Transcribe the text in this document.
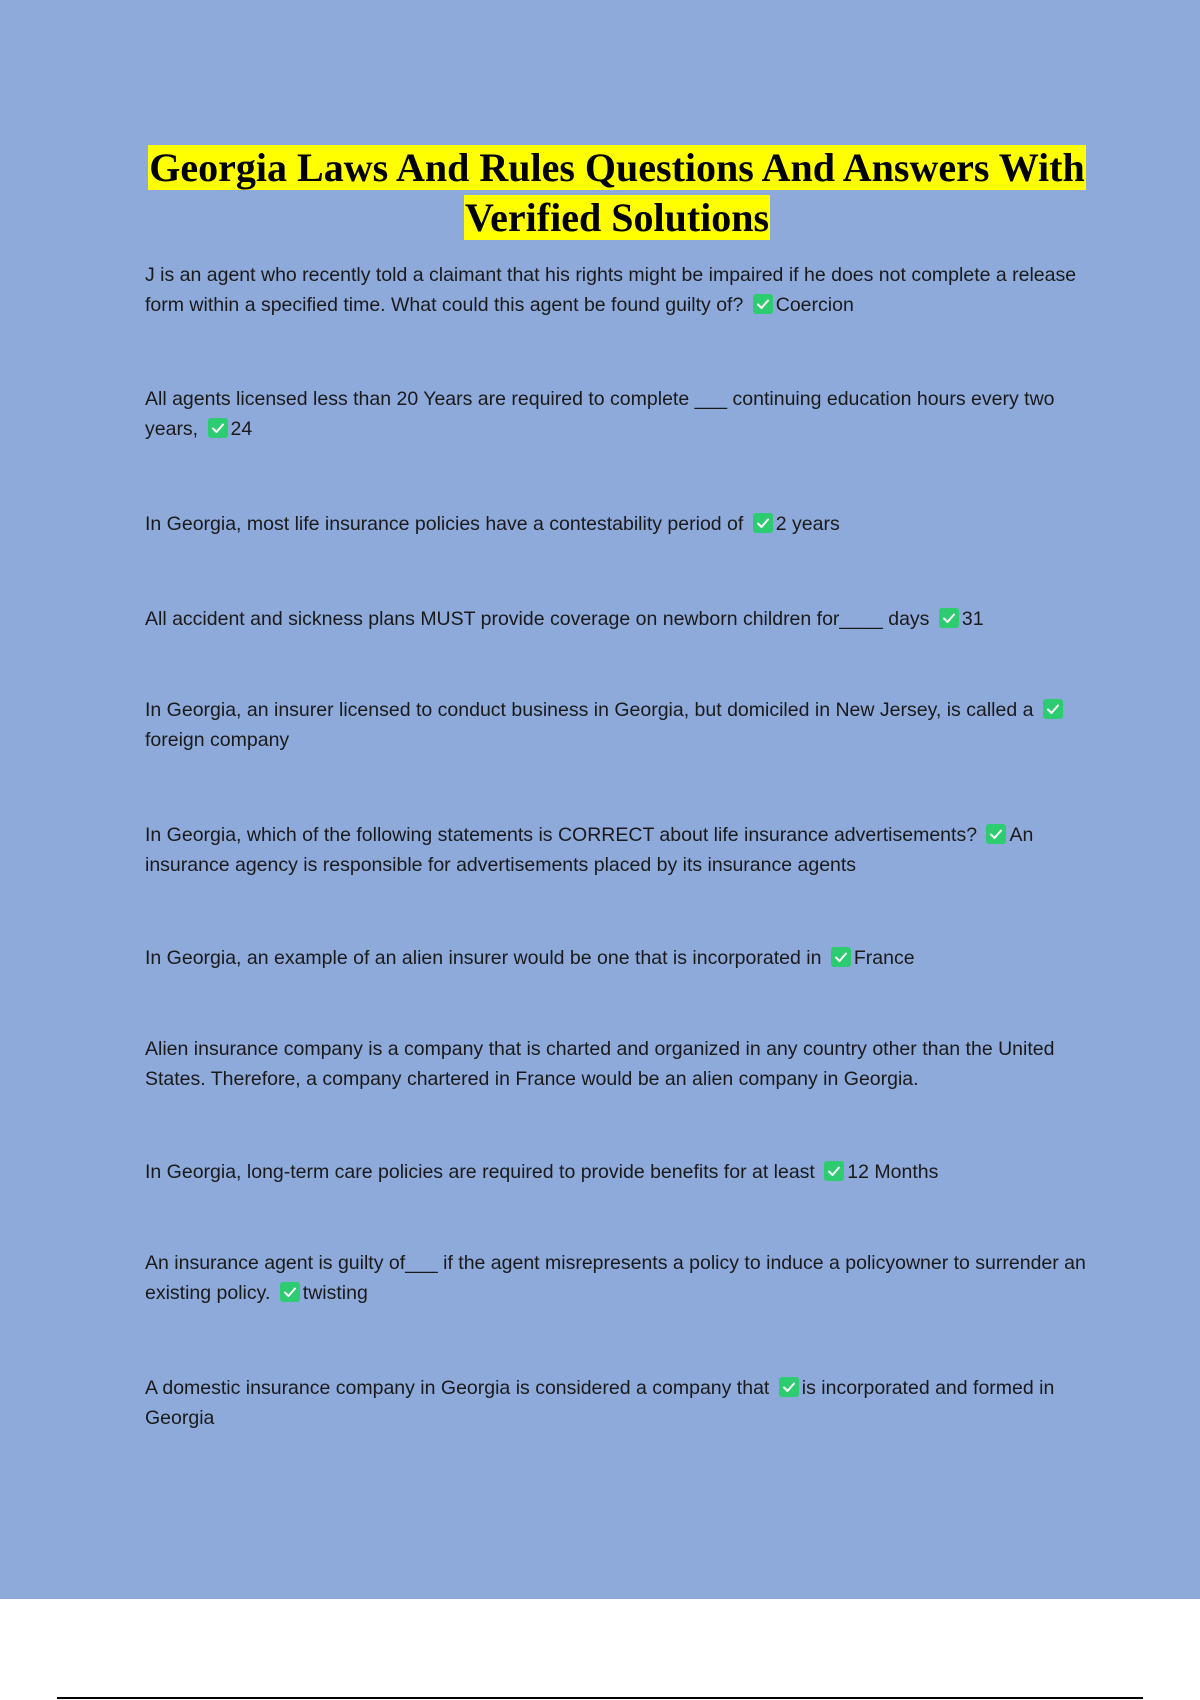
Georgia Laws And Rules Questions And Answers With
Verified Solutions

J is an agent who recently told a claimant that his rights might be impaired if he does not complete a release form within a specified time. What could this agent be found guilty of? Coercion

All agents licensed less than 20 Years are required to complete ___ continuing education hours every two years, 24

In Georgia, most life insurance policies have a contestability period of 2 years

All accident and sickness plans MUST provide coverage on newborn children for____ days 31

In Georgia, an insurer licensed to conduct business in Georgia, but domiciled in New Jersey, is called a
foreign company

In Georgia, which of the following statements is CORRECT about life insurance advertisements? An insurance agency is responsible for advertisements placed by its insurance agents

In Georgia, an example of an alien insurer would be one that is incorporated in France

Alien insurance company is a company that is charted and organized in any country other than the United States. Therefore, a company chartered in France would be an alien company in Georgia.

In Georgia, long-term care policies are required to provide benefits for at least 12 Months

An insurance agent is guilty of___ if the agent misrepresents a policy to induce a policyowner to surrender an existing policy. twisting

A domestic insurance company in Georgia is considered a company that is incorporated and formed in Georgia
